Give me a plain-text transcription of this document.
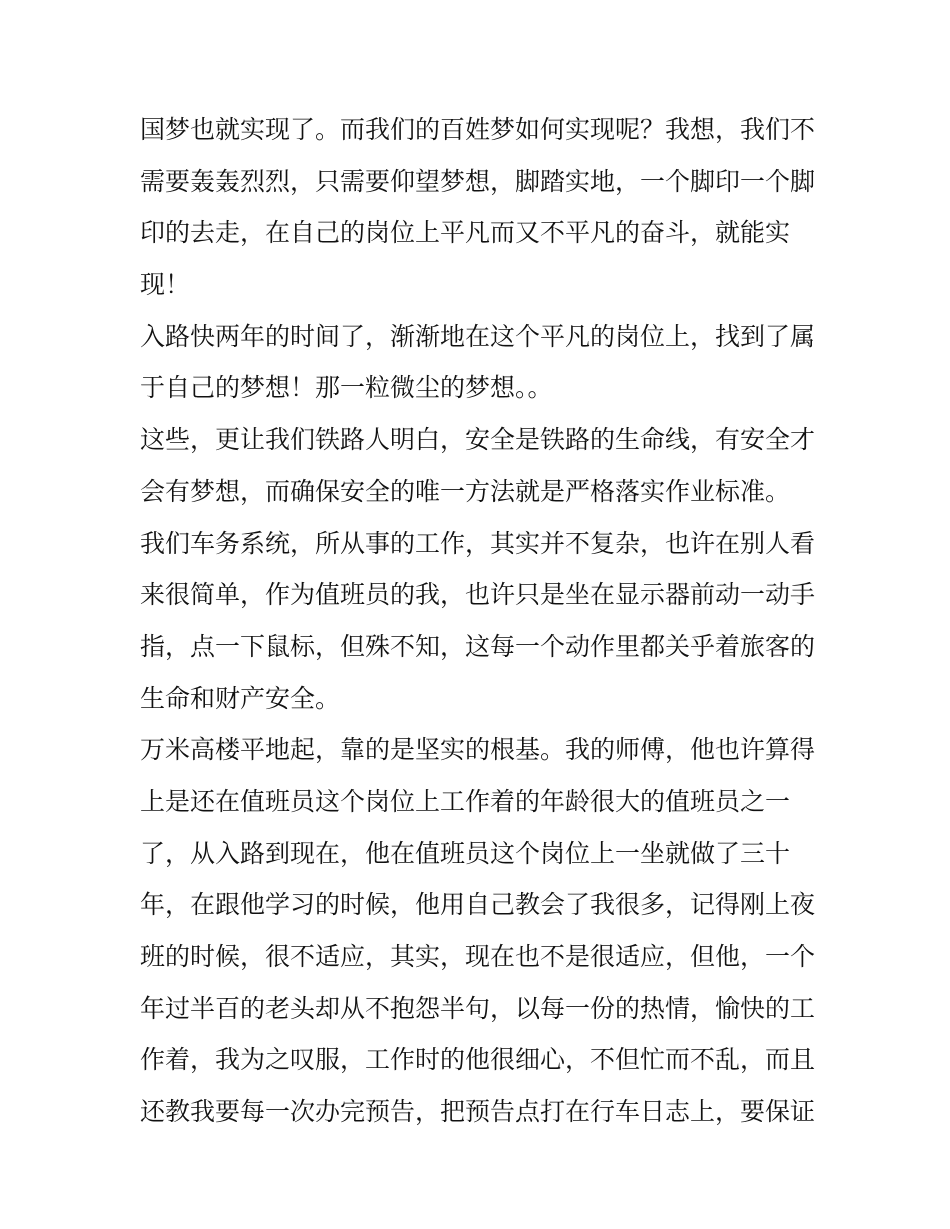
国梦也就实现了。而我们的百姓梦如何实现呢？我想，我们不
需要轰轰烈烈，只需要仰望梦想，脚踏实地，一个脚印一个脚
印的去走，在自己的岗位上平凡而又不平凡的奋斗，就能实
现！
入路快两年的时间了，渐渐地在这个平凡的岗位上，找到了属
于自己的梦想！那一粒微尘的梦想。。
这些，更让我们铁路人明白，安全是铁路的生命线，有安全才
会有梦想，而确保安全的唯一方法就是严格落实作业标准。
我们车务系统，所从事的工作，其实并不复杂，也许在别人看
来很简单，作为值班员的我，也许只是坐在显示器前动一动手
指，点一下鼠标，但殊不知，这每一个动作里都关乎着旅客的
生命和财产安全。
万米高楼平地起，靠的是坚实的根基。我的师傅，他也许算得
上是还在值班员这个岗位上工作着的年龄很大的值班员之一
了，从入路到现在，他在值班员这个岗位上一坐就做了三十
年，在跟他学习的时候，他用自己教会了我很多，记得刚上夜
班的时候，很不适应，其实，现在也不是很适应，但他，一个
年过半百的老头却从不抱怨半句，以每一份的热情，愉快的工
作着，我为之叹服，工作时的他很细心，不但忙而不乱，而且
还教我要每一次办完预告，把预告点打在行车日志上，要保证
